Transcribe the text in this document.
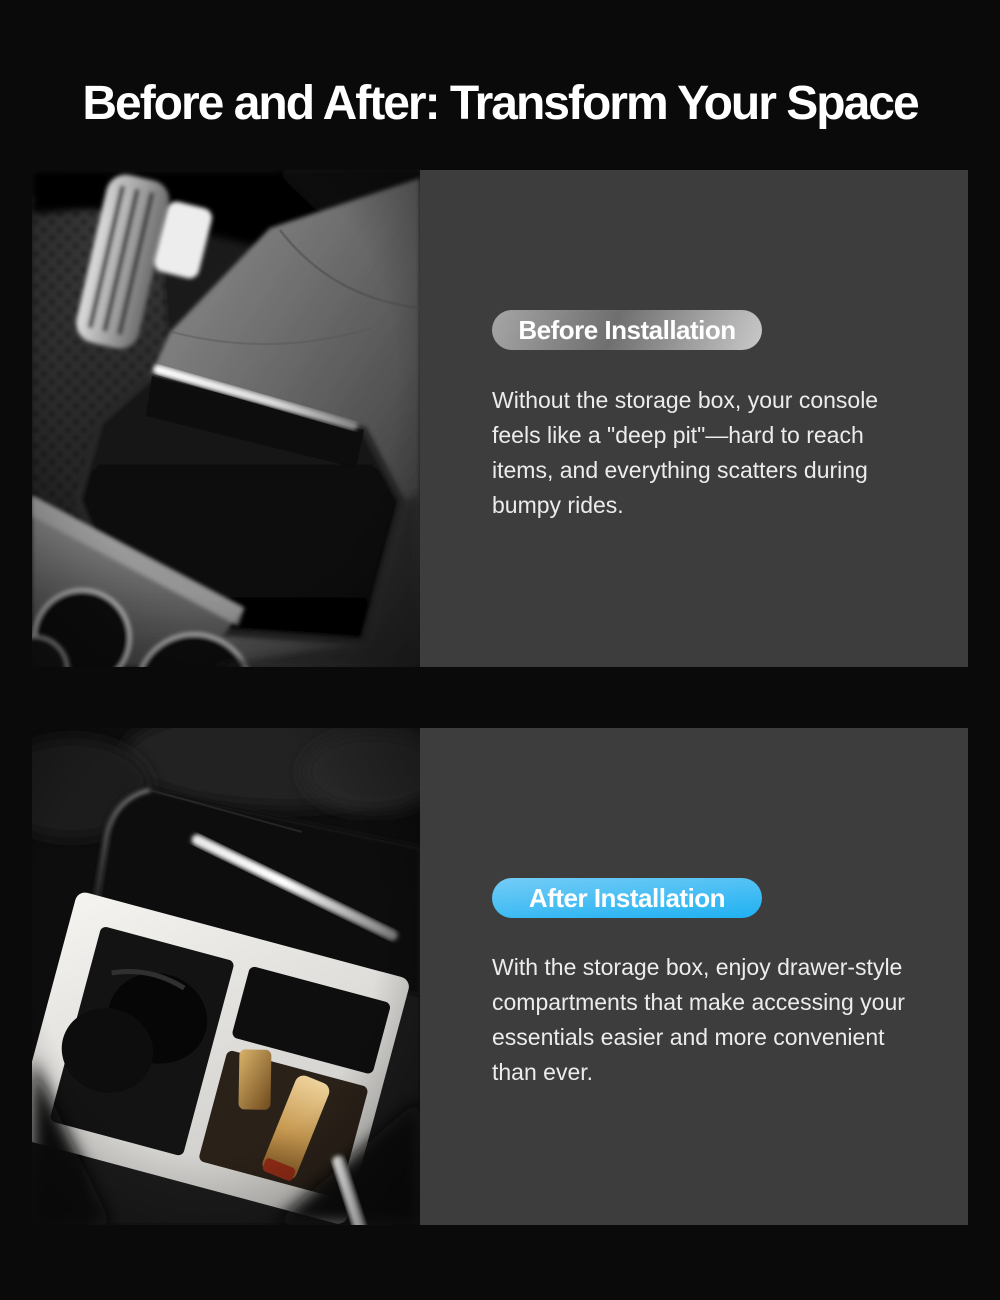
Before and After: Transform Your Space
Before Installation
Without the storage box, your console
feels like a "deep pit"—hard to reach
items, and everything scatters during
bumpy rides.
After Installation
With the storage box, enjoy drawer-style
compartments that make accessing your
essentials easier and more convenient
than ever.
